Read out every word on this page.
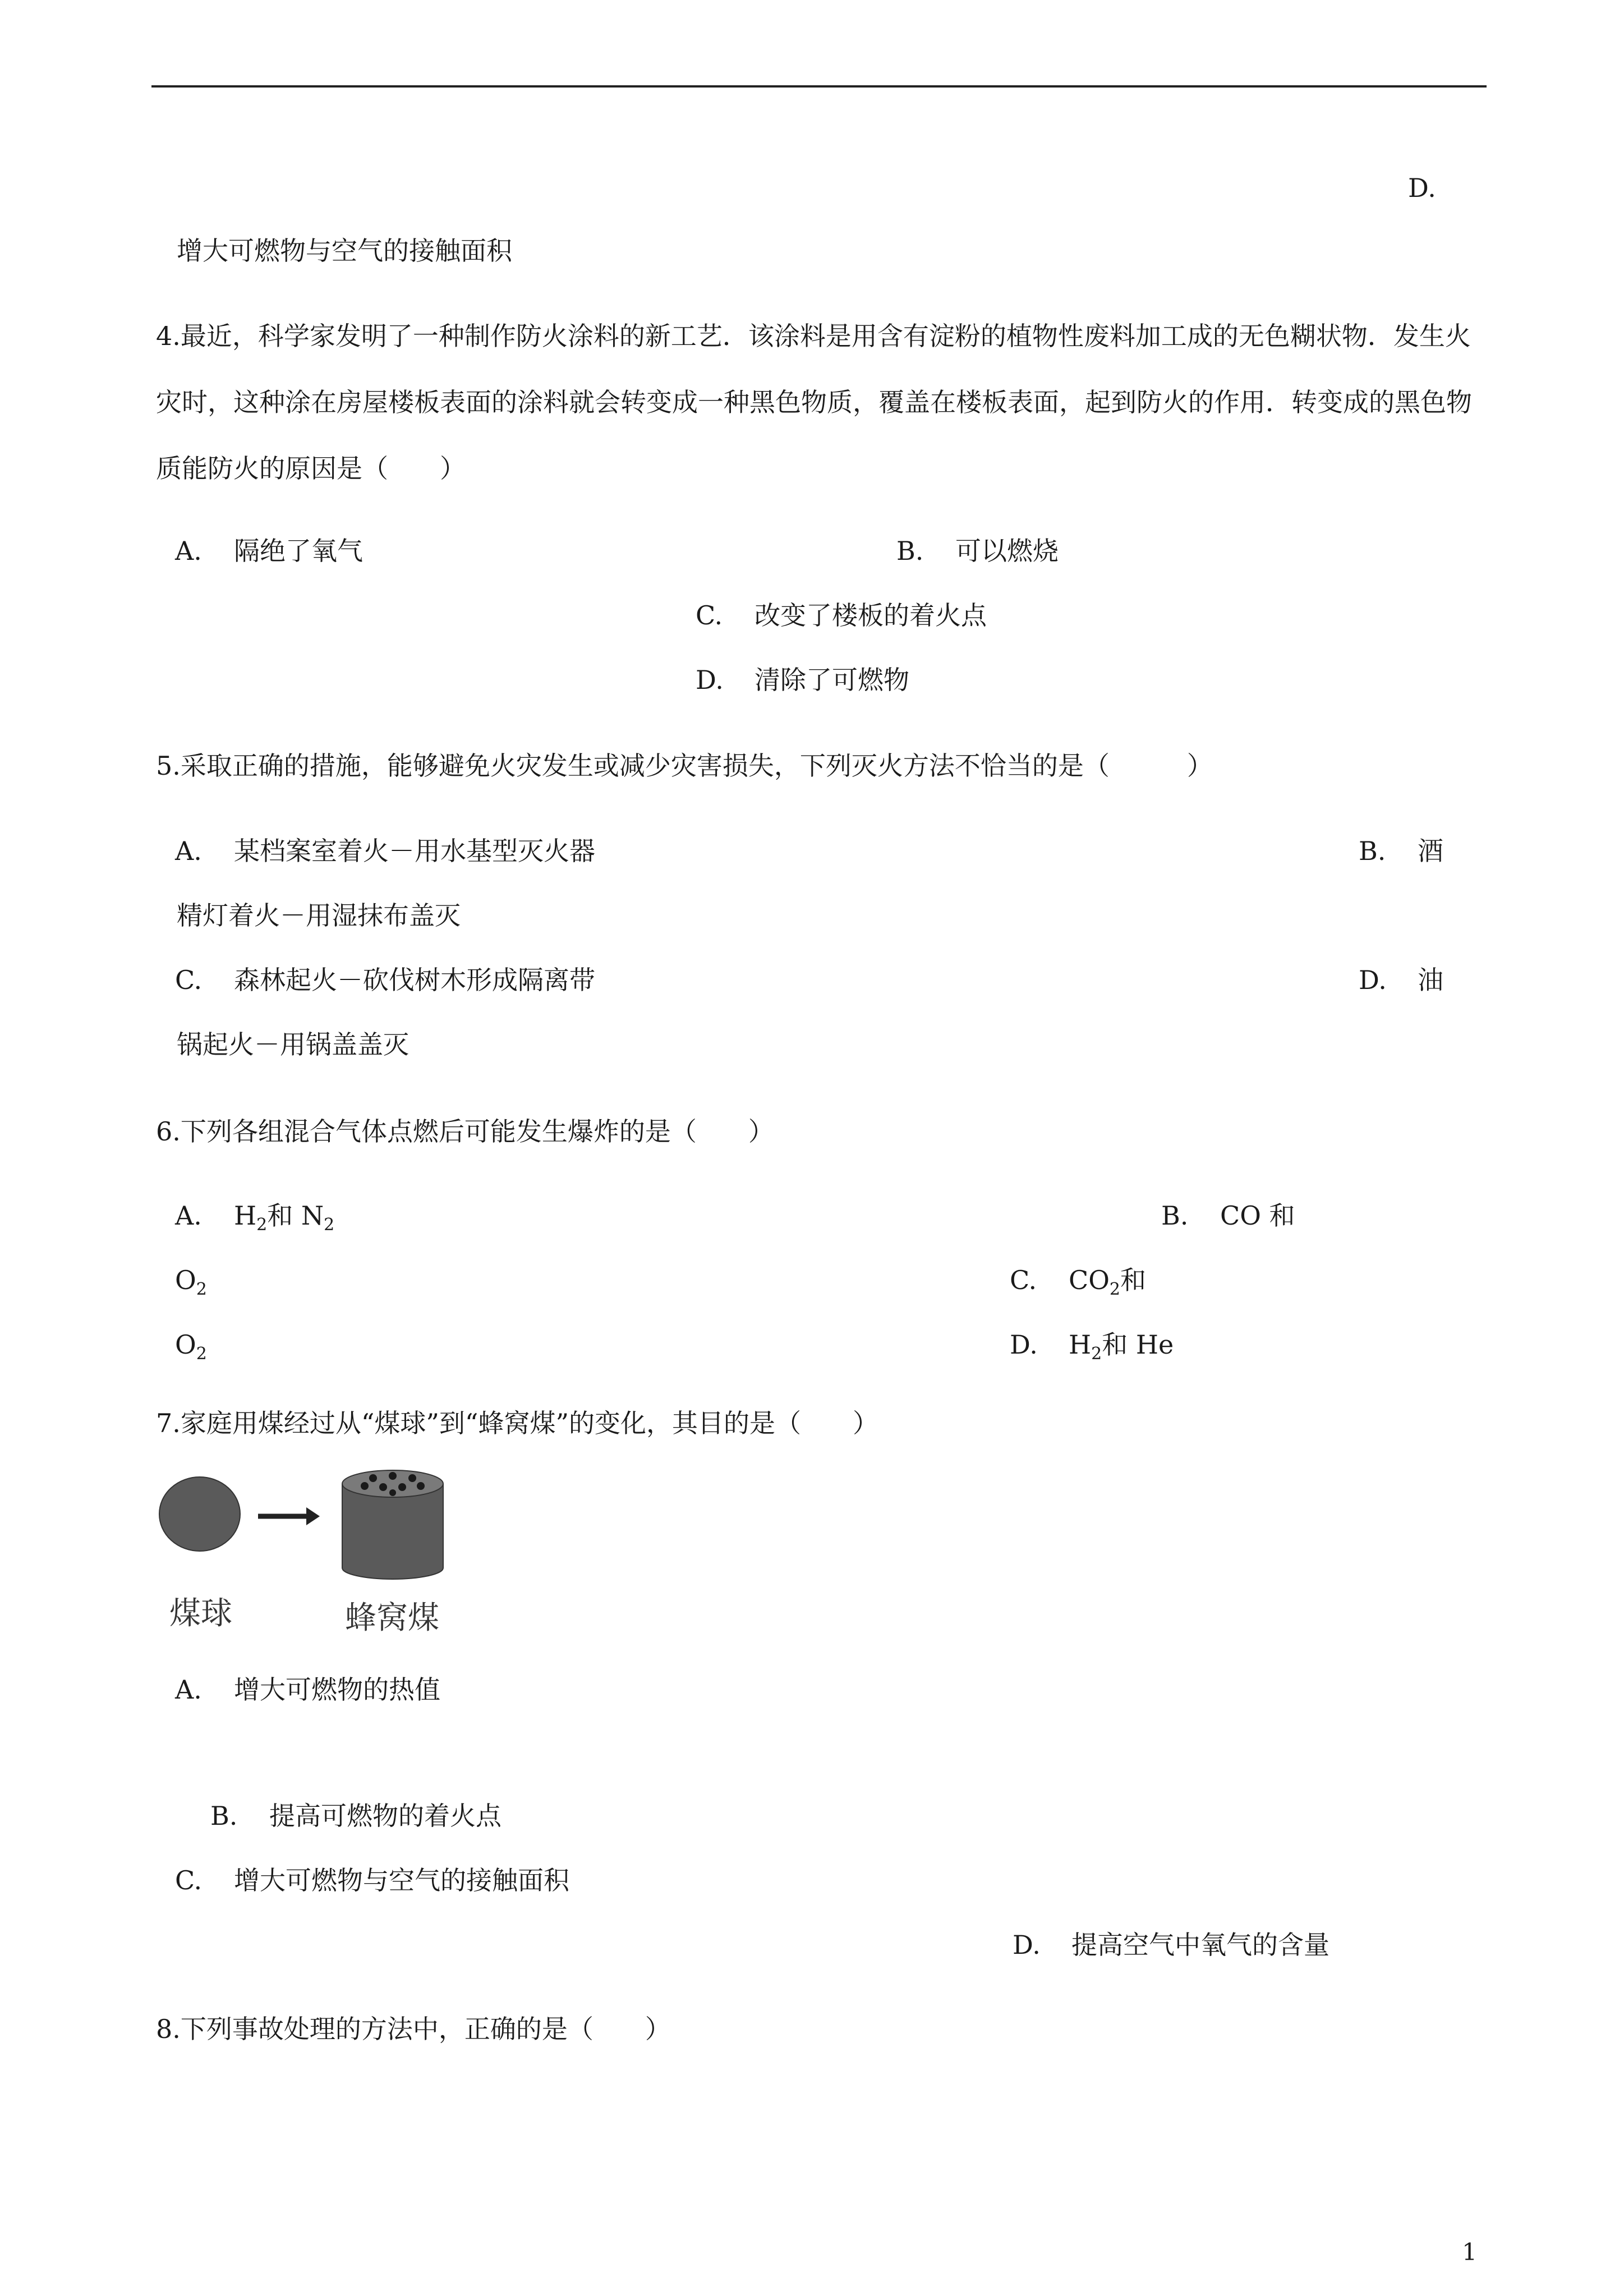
D.
增大可燃物与空气的接触面积
4.最近，科学家发明了一种制作防火涂料的新工艺．该涂料是用含有淀粉的植物性废料加工成的无色糊状物．发生火灾时，这种涂在房屋楼板表面的涂料就会转变成一种黑色物质，覆盖在楼板表面，起到防火的作用．转变成的黑色物质能防火的原因是（　　）
A. 隔绝了氧气	B. 可以燃烧
C. 改变了楼板的着火点
D. 清除了可燃物
5.采取正确的措施，能够避免火灾发生或减少灾害损失，下列灭火方法不恰当的是（　　　）
A. 某档案室着火－用水基型灭火器	B. 酒
精灯着火－用湿抹布盖灭
C. 森林起火－砍伐树木形成隔离带	D. 油
锅起火－用锅盖盖灭
6.下列各组混合气体点燃后可能发生爆炸的是（　　）
A. $H_2$和 $N_2$	B. CO 和
$O_2$	C. $CO_2$和
$O_2$	D. $H_2$和 He
7.家庭用煤经过从“煤球”到“蜂窝煤”的变化，其目的是（　　）
煤球	蜂窝煤
A. 增大可燃物的热值
B. 提高可燃物的着火点
C. 增大可燃物与空气的接触面积
D. 提高空气中氧气的含量
8.下列事故处理的方法中，正确的是（　　）
1
